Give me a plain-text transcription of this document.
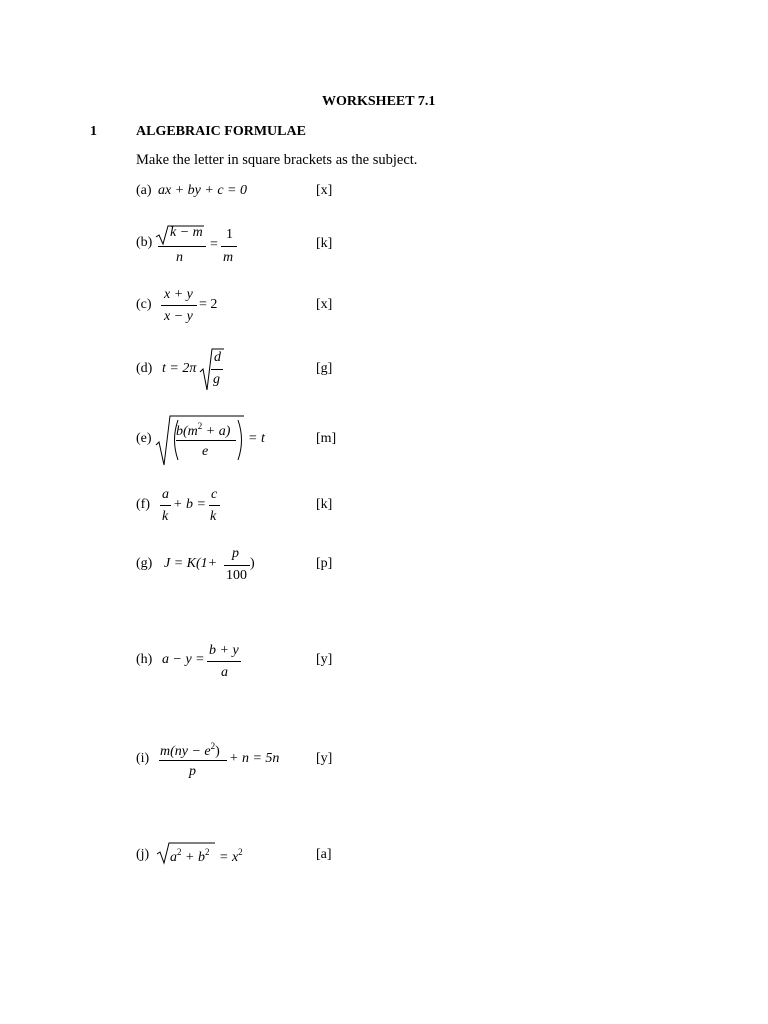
WORKSHEET 7.1
1	ALGEBRAIC FORMULAE
Make the letter in square brackets as the subject.
(a) ax + by + c = 0	[x]
(b)
k − m
n
=
1
m
[k]
(c)
x + y
x − y
= 2	[x]
(d) t = 2π
d
g
[g]
(e) $b(m^2 + a)$
e
= t	[m]
(f)
a
k
+ b =
c
k
[k]
(g) J = K(1+
p
100
)	[p]
(h) a − y =
b + y
a
[y]
(i) $m(ny - e^2)$
p
+ n = 5n	[y]
(j) $a^2 + b^2 = x^2$	[a]
